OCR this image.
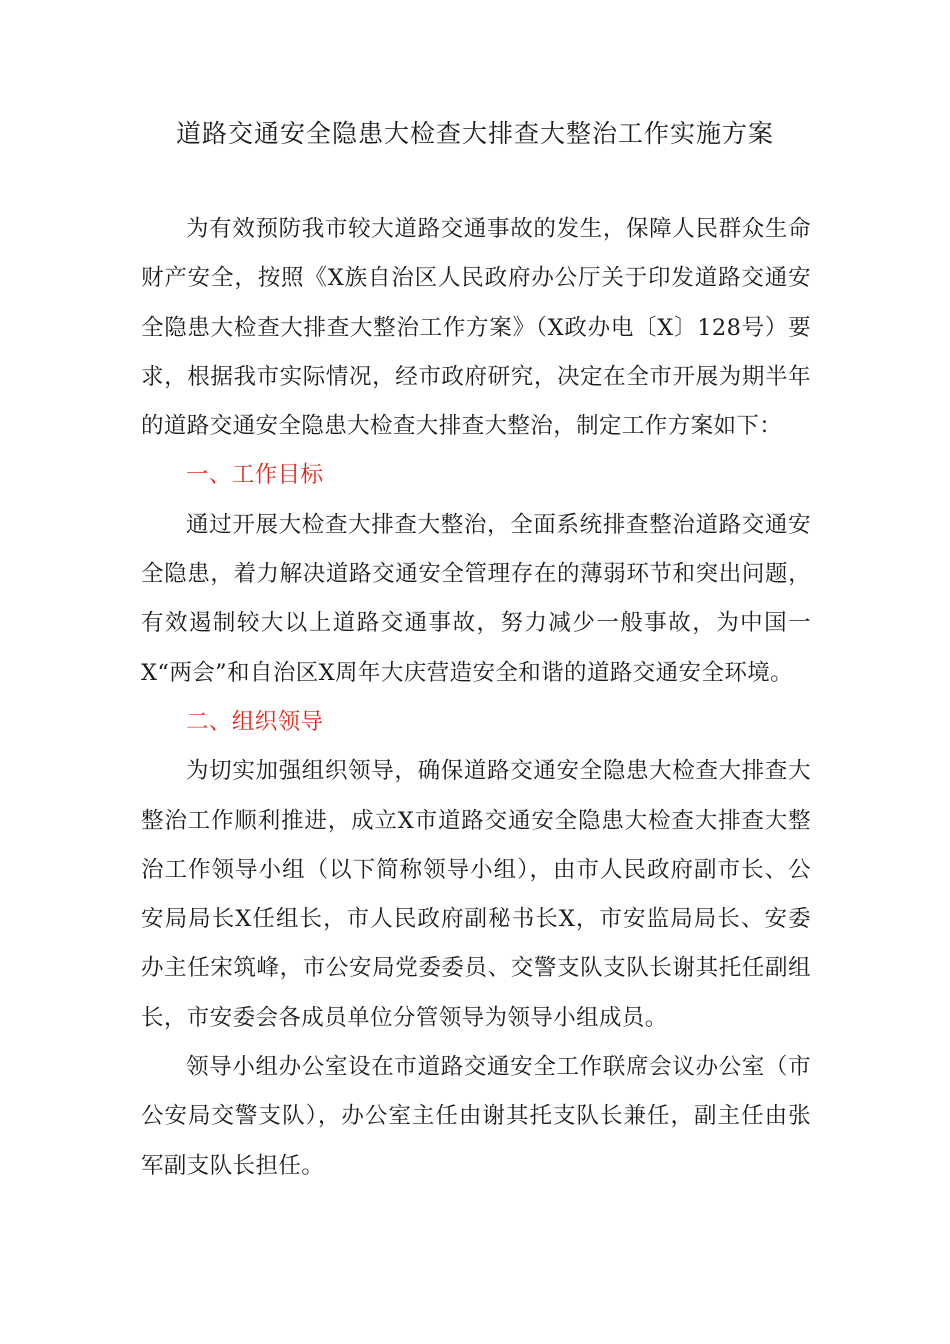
道路交通安全隐患大检查大排查大整治工作实施方案

为有效预防我市较大道路交通事故的发生，保障人民群众生命财产安全，按照《X族自治区人民政府办公厅关于印发道路交通安全隐患大检查大排查大整治工作方案》（X政办电〔X〕128号）要求，根据我市实际情况，经市政府研究，决定在全市开展为期半年的道路交通安全隐患大检查大排查大整治，制定工作方案如下：

一、工作目标

通过开展大检查大排查大整治，全面系统排查整治道路交通安全隐患，着力解决道路交通安全管理存在的薄弱环节和突出问题，有效遏制较大以上道路交通事故，努力减少一般事故，为中国一X“两会”和自治区X周年大庆营造安全和谐的道路交通安全环境。

二、组织领导

为切实加强组织领导，确保道路交通安全隐患大检查大排查大整治工作顺利推进，成立X市道路交通安全隐患大检查大排查大整治工作领导小组（以下简称领导小组），由市人民政府副市长、公安局局长X任组长，市人民政府副秘书长X，市安监局局长、安委办主任宋筑峰，市公安局党委委员、交警支队支队长谢其托任副组长，市安委会各成员单位分管领导为领导小组成员。

领导小组办公室设在市道路交通安全工作联席会议办公室（市公安局交警支队），办公室主任由谢其托支队长兼任，副主任由张军副支队长担任。
